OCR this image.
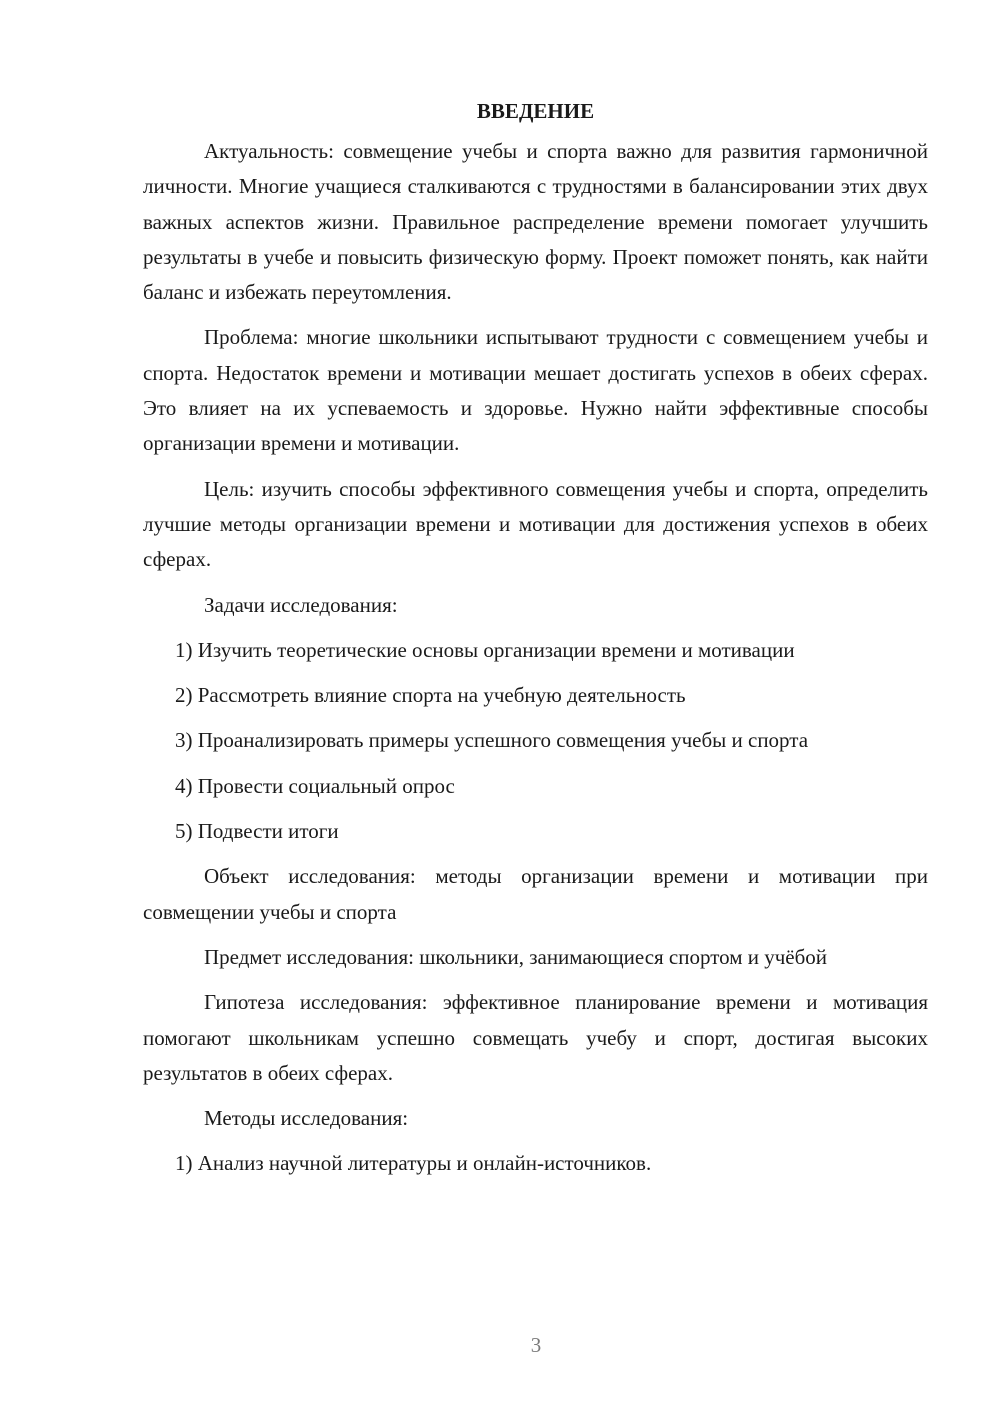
ВВЕДЕНИЕ

Актуальность: совмещение учебы и спорта важно для развития гармоничной личности. Многие учащиеся сталкиваются с трудностями в балансировании этих двух важных аспектов жизни. Правильное распределение времени помогает улучшить результаты в учебе и повысить физическую форму. Проект поможет понять, как найти баланс и избежать переутомления.

Проблема: многие школьники испытывают трудности с совмещением учебы и спорта. Недостаток времени и мотивации мешает достигать успехов в обеих сферах. Это влияет на их успеваемость и здоровье. Нужно найти эффективные способы организации времени и мотивации.

Цель: изучить способы эффективного совмещения учебы и спорта, определить лучшие методы организации времени и мотивации для достижения успехов в обеих сферах.

Задачи исследования:

1) Изучить теоретические основы организации времени и мотивации

2) Рассмотреть влияние спорта на учебную деятельность

3) Проанализировать примеры успешного совмещения учебы и спорта

4) Провести социальный опрос

5) Подвести итоги

Объект исследования: методы организации времени и мотивации при совмещении учебы и спорта

Предмет исследования: школьники, занимающиеся спортом и учёбой

Гипотеза исследования: эффективное планирование времени и мотивация помогают школьникам успешно совмещать учебу и спорт, достигая высоких результатов в обеих сферах.

Методы исследования:

1) Анализ научной литературы и онлайн-источников.

3
